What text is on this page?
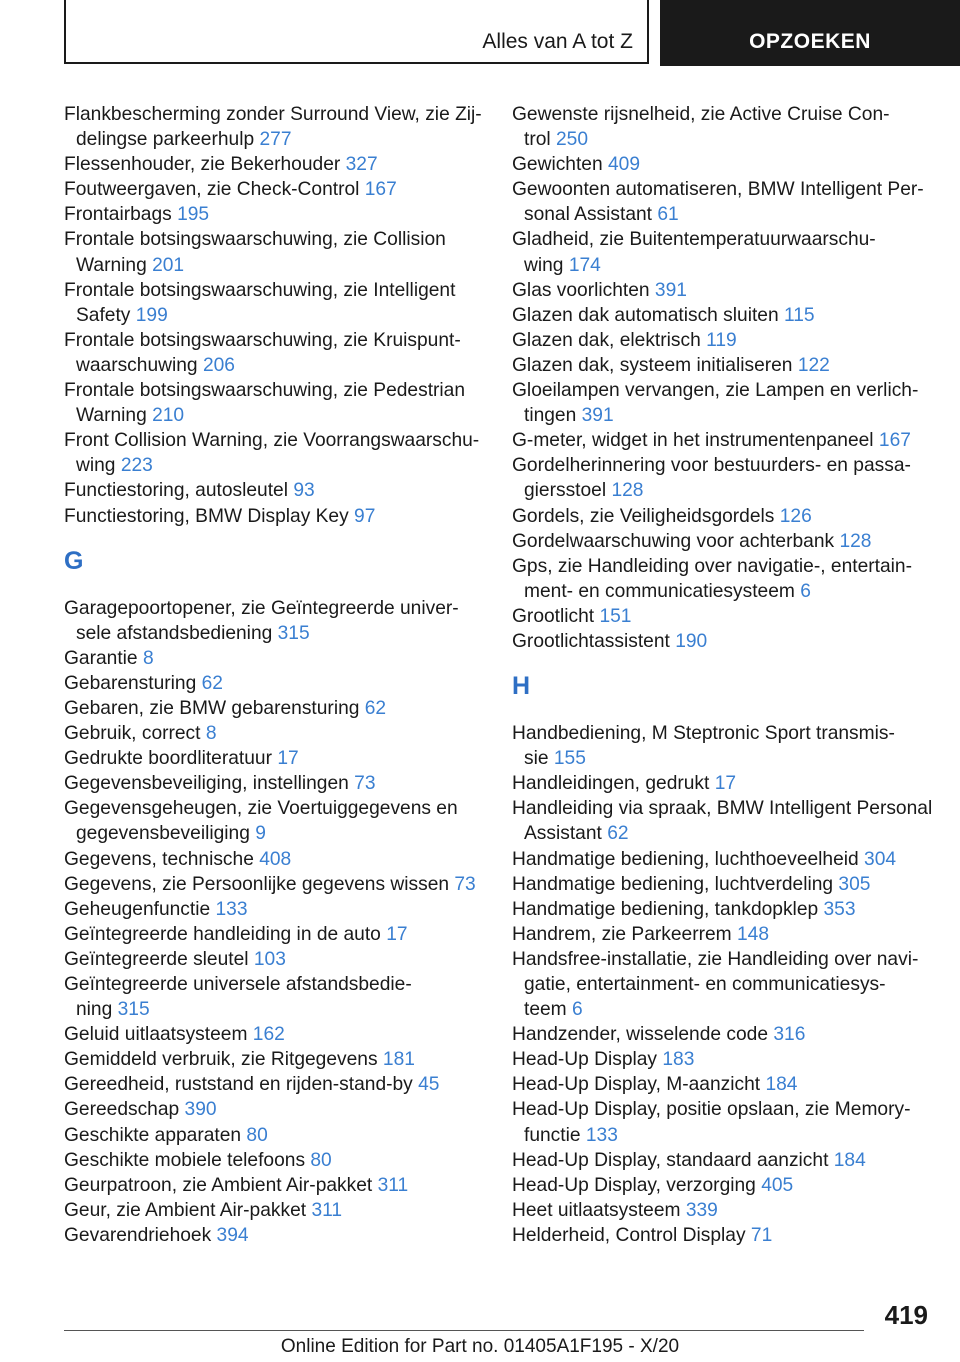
Alles van A tot Z	OPZOEKEN

Flankbescherming zonder Surround View, zie Zij-
delingse parkeerhulp 277

Flessenhouder, zie Bekerhouder 327

Foutweergaven, zie Check-Control 167

Frontairbags 195

Frontale botsingswaarschuwing, zie Collision
Warning 201

Frontale botsingswaarschuwing, zie Intelligent
Safety 199

Frontale botsingswaarschuwing, zie Kruispunt-
waarschuwing 206

Frontale botsingswaarschuwing, zie Pedestrian
Warning 210

Front Collision Warning, zie Voorrangswaarschu-
wing 223

Functiestoring, autosleutel 93

Functiestoring, BMW Display Key 97

G

Garagepoortopener, zie Geïntegreerde univer-
sele afstandsbediening 315

Garantie 8

Gebarensturing 62

Gebaren, zie BMW gebarensturing 62

Gebruik, correct 8

Gedrukte boordliteratuur 17

Gegevensbeveiliging, instellingen 73

Gegevensgeheugen, zie Voertuiggegevens en
gegevensbeveiliging 9

Gegevens, technische 408

Gegevens, zie Persoonlijke gegevens wissen 73

Geheugenfunctie 133

Geïntegreerde handleiding in de auto 17

Geïntegreerde sleutel 103

Geïntegreerde universele afstandsbedie-
ning 315

Geluid uitlaatsysteem 162

Gemiddeld verbruik, zie Ritgegevens 181

Gereedheid, ruststand en rijden-stand-by 45

Gereedschap 390

Geschikte apparaten 80

Geschikte mobiele telefoons 80

Geurpatroon, zie Ambient Air-pakket 311

Geur, zie Ambient Air-pakket 311

Gevarendriehoek 394

Gewenste rijsnelheid, zie Active Cruise Con-
trol 250

Gewichten 409

Gewoonten automatiseren, BMW Intelligent Per-
sonal Assistant 61

Gladheid, zie Buitentemperatuurwaarschu-
wing 174

Glas voorlichten 391

Glazen dak automatisch sluiten 115

Glazen dak, elektrisch 119

Glazen dak, systeem initialiseren 122

Gloeilampen vervangen, zie Lampen en verlich-
tingen 391

G-meter, widget in het instrumentenpaneel 167

Gordelherinnering voor bestuurders- en passa-
giersstoel 128

Gordels, zie Veiligheidsgordels 126

Gordelwaarschuwing voor achterbank 128

Gps, zie Handleiding over navigatie-, entertain-
ment- en communicatiesysteem 6

Grootlicht 151

Grootlichtassistent 190

H

Handbediening, M Steptronic Sport transmis-
sie 155

Handleidingen, gedrukt 17

Handleiding via spraak, BMW Intelligent Personal
Assistant 62

Handmatige bediening, luchthoeveelheid 304

Handmatige bediening, luchtverdeling 305

Handmatige bediening, tankdopklep 353

Handrem, zie Parkeerrem 148

Handsfree-installatie, zie Handleiding over navi-
gatie, entertainment- en communicatiesys-
teem 6

Handzender, wisselende code 316

Head-Up Display 183

Head-Up Display, M-aanzicht 184

Head-Up Display, positie opslaan, zie Memory-
functie 133

Head-Up Display, standaard aanzicht 184

Head-Up Display, verzorging 405

Heet uitlaatsysteem 339

Helderheid, Control Display 71

419
Online Edition for Part no. 01405A1F195 - X/20
